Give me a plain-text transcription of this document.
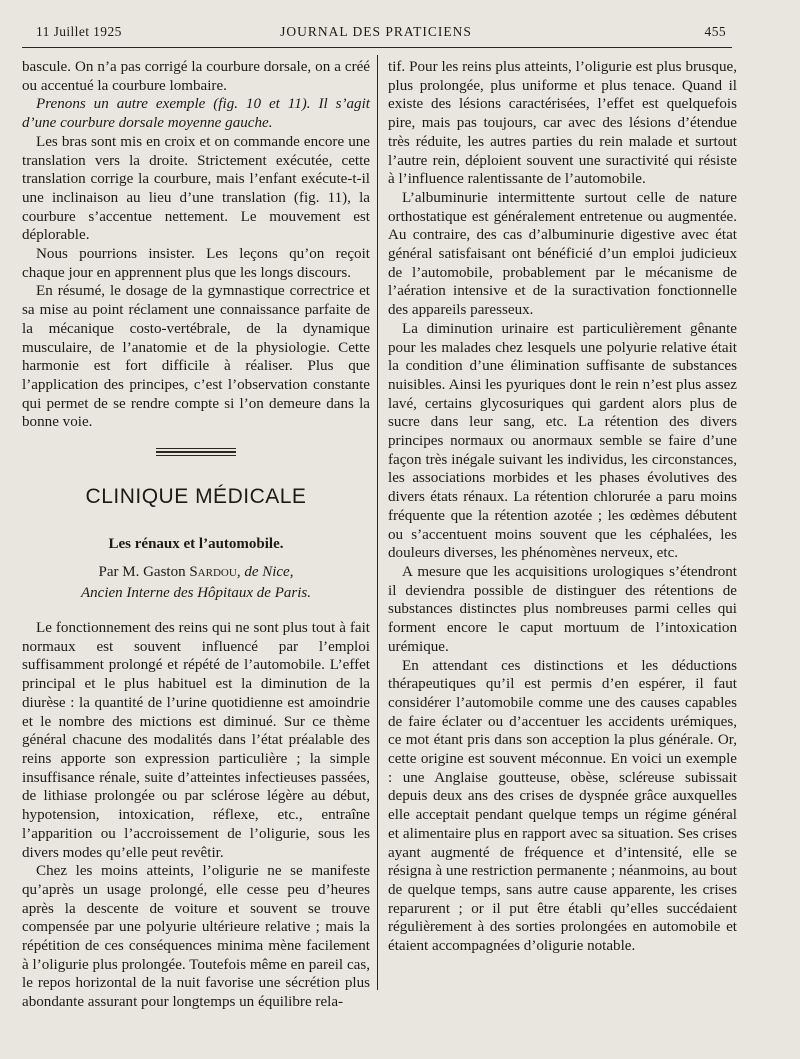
11 Juillet 1925	JOURNAL DES PRATICIENS	455

bascule. On n’a pas corrigé la courbure dorsale, on a créé ou accentué la courbure lombaire.

Prenons un autre exemple (fig. 10 et 11). Il s’agit d’une courbure dorsale moyenne gauche.

Les bras sont mis en croix et on commande encore une translation vers la droite. Strictement exécutée, cette translation corrige la courbure, mais l’enfant exécute-t-il une inclinaison au lieu d’une translation (fig. 11), la courbure s’accentue nettement. Le mouvement est déplorable.

Nous pourrions insister. Les leçons qu’on reçoit chaque jour en apprennent plus que les longs discours.

En résumé, le dosage de la gymnastique correctrice et sa mise au point réclament une connaissance parfaite de la mécanique costo-vertébrale, de la dynamique musculaire, de l’anatomie et de la physiologie. Cette harmonie est fort difficile à réaliser. Plus que l’application des principes, c’est l’observation constante qui permet de se rendre compte si l’on demeure dans la bonne voie.

CLINIQUE MÉDICALE
Les rénaux et l’automobile.
Par M. Gaston Sardou, de Nice,
Ancien Interne des Hôpitaux de Paris.

Le fonctionnement des reins qui ne sont plus tout à fait normaux est souvent influencé par l’emploi suffisamment prolongé et répété de l’automobile. L’effet principal et le plus habituel est la diminution de la diurèse : la quantité de l’urine quotidienne est amoindrie et le nombre des mictions est diminué. Sur ce thème général chacune des modalités dans l’état préalable des reins apporte son expression particulière ; la simple insuffisance rénale, suite d’atteintes infectieuses passées, de lithiase prolongée ou par sclérose légère au début, hypotension, intoxication, réflexe, etc., entraîne l’apparition ou l’accroissement de l’oligurie, sous les divers modes qu’elle peut revêtir.

Chez les moins atteints, l’oligurie ne se manifeste qu’après un usage prolongé, elle cesse peu d’heures après la descente de voiture et souvent se trouve compensée par une polyurie ultérieure relative ; mais la répétition de ces conséquences minima mène facilement à l’oligurie plus prolongée. Toutefois même en pareil cas, le repos horizontal de la nuit favorise une sécrétion plus abondante assurant pour longtemps un équilibre rela-

tif. Pour les reins plus atteints, l’oligurie est plus brusque, plus prolongée, plus uniforme et plus tenace. Quand il existe des lésions caractérisées, l’effet est quelquefois pire, mais pas toujours, car avec des lésions d’étendue très réduite, les autres parties du rein malade et surtout l’autre rein, déploient souvent une suractivité qui résiste à l’influence ralentissante de l’automobile.

L’albuminurie intermittente surtout celle de nature orthostatique est généralement entretenue ou augmentée. Au contraire, des cas d’albuminurie digestive avec état général satisfaisant ont bénéficié d’un emploi judicieux de l’automobile, probablement par le mécanisme de l’aération intensive et de la suractivation fonctionnelle des appareils paresseux.

La diminution urinaire est particulièrement gênante pour les malades chez lesquels une polyurie relative était la condition d’une élimination suffisante de substances nuisibles. Ainsi les pyuriques dont le rein n’est plus assez lavé, certains glycosuriques qui gardent alors plus de sucre dans leur sang, etc. La rétention des divers principes normaux ou anormaux semble se faire d’une façon très inégale suivant les individus, les circonstances, les associations morbides et les phases évolutives des divers états rénaux. La rétention chlorurée a paru moins fréquente que la rétention azotée ; les œdèmes débutent ou s’accentuent moins souvent que les céphalées, les douleurs diverses, les phénomènes nerveux, etc.

A mesure que les acquisitions urologiques s’étendront il deviendra possible de distinguer des rétentions de substances distinctes plus nombreuses parmi celles qui forment encore le caput mortuum de l’intoxication urémique.

En attendant ces distinctions et les déductions thérapeutiques qu’il est permis d’en espérer, il faut considérer l’automobile comme une des causes capables de faire éclater ou d’accentuer les accidents urémiques, ce mot étant pris dans son acception la plus générale. Or, cette origine est souvent méconnue. En voici un exemple : une Anglaise goutteuse, obèse, scléreuse subissait depuis deux ans des crises de dyspnée grâce auxquelles elle acceptait pendant quelque temps un régime général et alimentaire plus en rapport avec sa situation. Ses crises ayant augmenté de fréquence et d’intensité, elle se résigna à une restriction permanente ; néanmoins, au bout de quelque temps, sans autre cause apparente, les crises reparurent ; or il put être établi qu’elles succédaient régulièrement à des sorties prolongées en automobile et étaient accompagnées d’oligurie notable.
